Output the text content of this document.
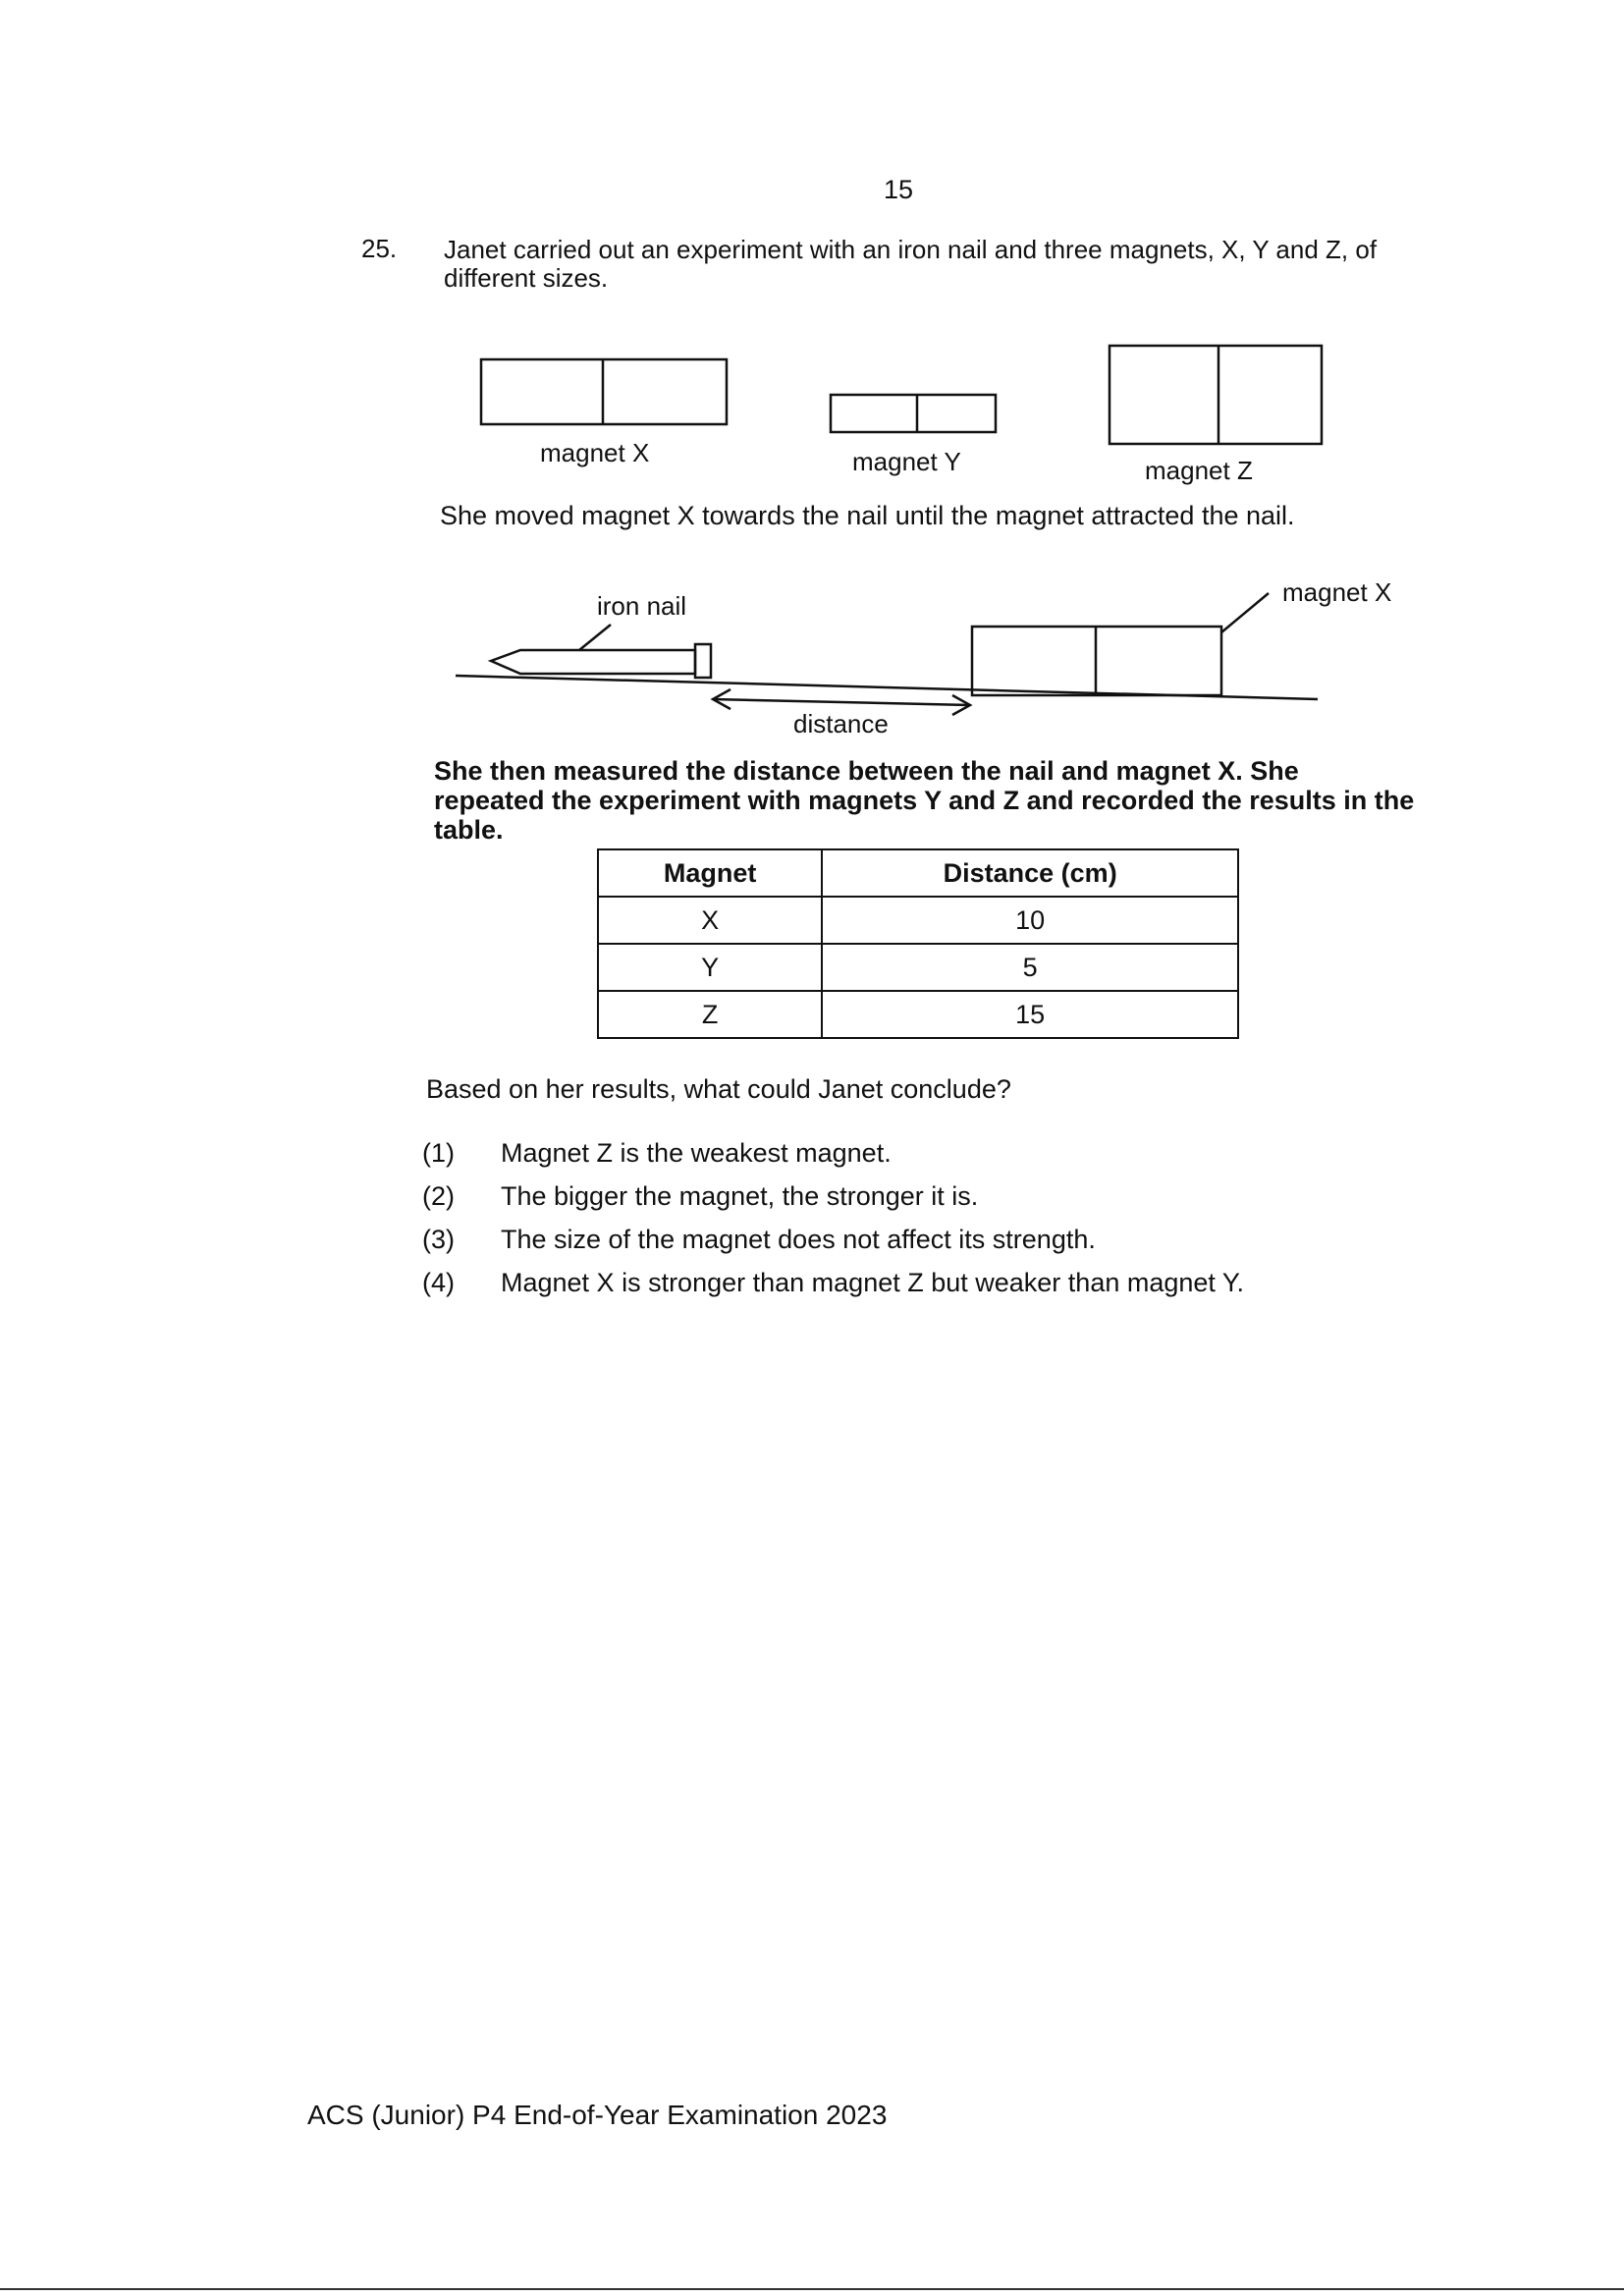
15
25. Janet carried out an experiment with an iron nail and three magnets, X, Y and Z, of different sizes.
magnet X	magnet Y	magnet Z
She moved magnet X towards the nail until the magnet attracted the nail.
iron nail	magnet X
distance
She then measured the distance between the nail and magnet X. She repeated the experiment with magnets Y and Z and recorded the results in the table.
Magnet	Distance (cm)
X	10
Y	5
Z	15
Based on her results, what could Janet conclude?
(1)	Magnet Z is the weakest magnet.
(2)	The bigger the magnet, the stronger it is.
(3)	The size of the magnet does not affect its strength.
(4)	Magnet X is stronger than magnet Z but weaker than magnet Y.
ACS (Junior) P4 End-of-Year Examination 2023
